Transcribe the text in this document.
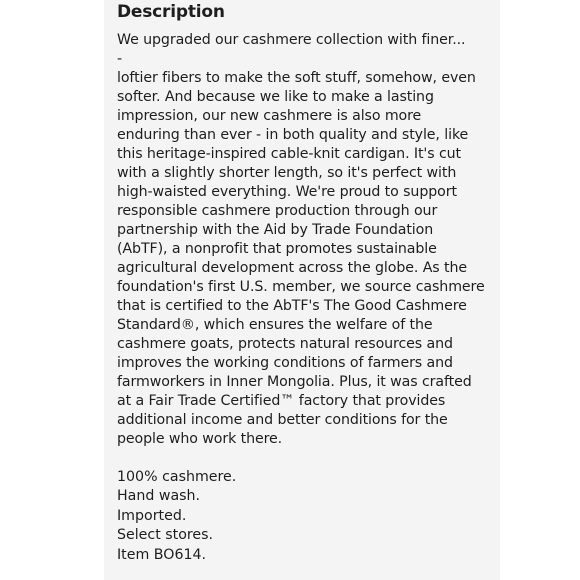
Description
We upgraded our cashmere collection with finer...
-
loftier fibers to make the soft stuff, somehow, even softer. And because we like to make a lasting impression, our new cashmere is also more enduring than ever - in both quality and style, like this heritage-inspired cable-knit cardigan. It's cut with a slightly shorter length, so it's perfect with high-waisted everything. We're proud to support responsible cashmere production through our partnership with the Aid by Trade Foundation (AbTF), a nonprofit that promotes sustainable agricultural development across the globe. As the foundation's first U.S. member, we source cashmere that is certified to the AbTF's The Good Cashmere Standard®, which ensures the welfare of the cashmere goats, protects natural resources and improves the working conditions of farmers and farmworkers in Inner Mongolia. Plus, it was crafted at a Fair Trade Certified™ factory that provides additional income and better conditions for the people who work there.
100% cashmere.
Hand wash.
Imported.
Select stores.
Item BO614.
